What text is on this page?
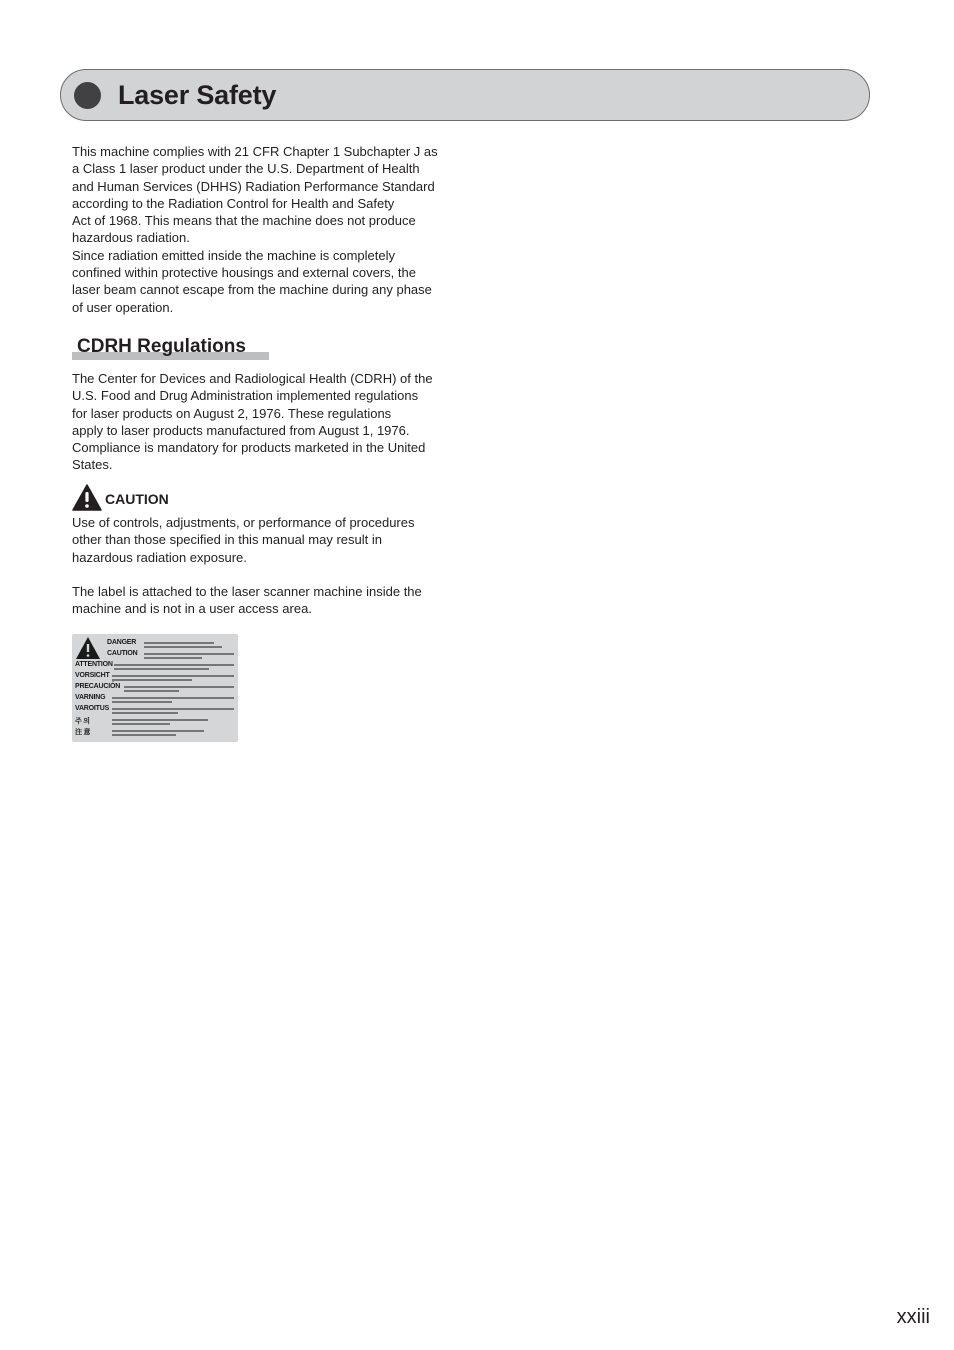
Laser Safety

This machine complies with 21 CFR Chapter 1 Subchapter J as
a Class 1 laser product under the U.S. Department of Health
and Human Services (DHHS) Radiation Performance Standard
according to the Radiation Control for Health and Safety
Act of 1968. This means that the machine does not produce
hazardous radiation.
Since radiation emitted inside the machine is completely
confined within protective housings and external covers, the
laser beam cannot escape from the machine during any phase
of user operation.

CDRH Regulations

The Center for Devices and Radiological Health (CDRH) of the
U.S. Food and Drug Administration implemented regulations
for laser products on August 2, 1976. These regulations
apply to laser products manufactured from August 1, 1976.
Compliance is mandatory for products marketed in the United
States.

CAUTION

Use of controls, adjustments, or performance of procedures
other than those specified in this manual may result in
hazardous radiation exposure.

The label is attached to the laser scanner machine inside the
machine and is not in a user access area.

DANGER
CAUTION
ATTENTION
VORSICHT
PRECAUCIÓN
VARNING
VAROITUS
주 의
注 意
xxiii
